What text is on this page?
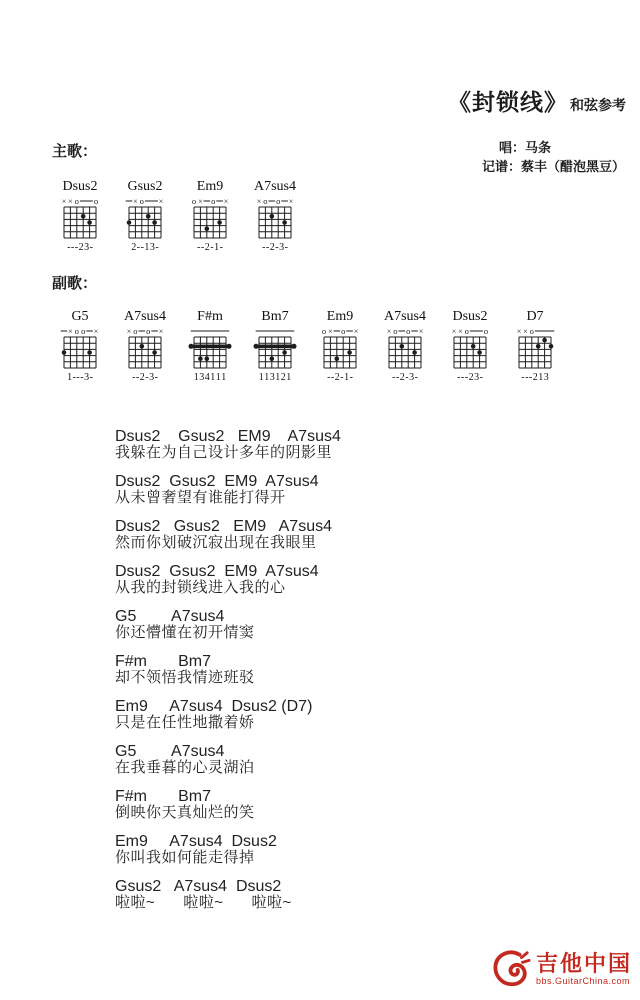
《封锁线》 和弦参考
唱：马条
记谱：蔡丰（醋泡黑豆）
主歌：
副歌：
Dsus2
× × o o
- - - 2 3 -
Gsus2
× o ×
2 - - 1 3 -
Em9
o × o ×
- - 2 - 1 -
A7sus4
× o o ×
- - 2 - 3 -
G5
× o o ×
1 - - - 3 -
A7sus4
× o o ×
- - 2 - 3 -
F#m
1 3 4 1 1 1
Bm7
1 1 3 1 2 1
Em9
o × o ×
- - 2 - 1 -
A7sus4
× o o ×
- - 2 - 3 -
Dsus2
× × o o
- - - 2 3 -
D7
× × o
- - - 2 1 3
Dsus2    Gsus2   EM9    A7sus4
我躲在为自己设计多年的阴影里
Dsus2  Gsus2  EM9  A7sus4
从未曾奢望有谁能打得开
Dsus2   Gsus2   EM9   A7sus4
然而你划破沉寂出现在我眼里
Dsus2  Gsus2  EM9  A7sus4
从我的封锁线进入我的心
G5        A7sus4
你还懵懂在初开情窦
F#m       Bm7
却不领悟我情迹班驳
Em9     A7sus4  Dsus2 (D7)
只是在任性地撒着娇
G5        A7sus4
在我垂暮的心灵湖泊
F#m       Bm7
倒映你天真灿烂的笑
Em9     A7sus4  Dsus2
你叫我如何能走得掉
Gsus2   A7sus4  Dsus2
啦啦~      啦啦~      啦啦~
吉他中国
bbs.GuitarChina.com
